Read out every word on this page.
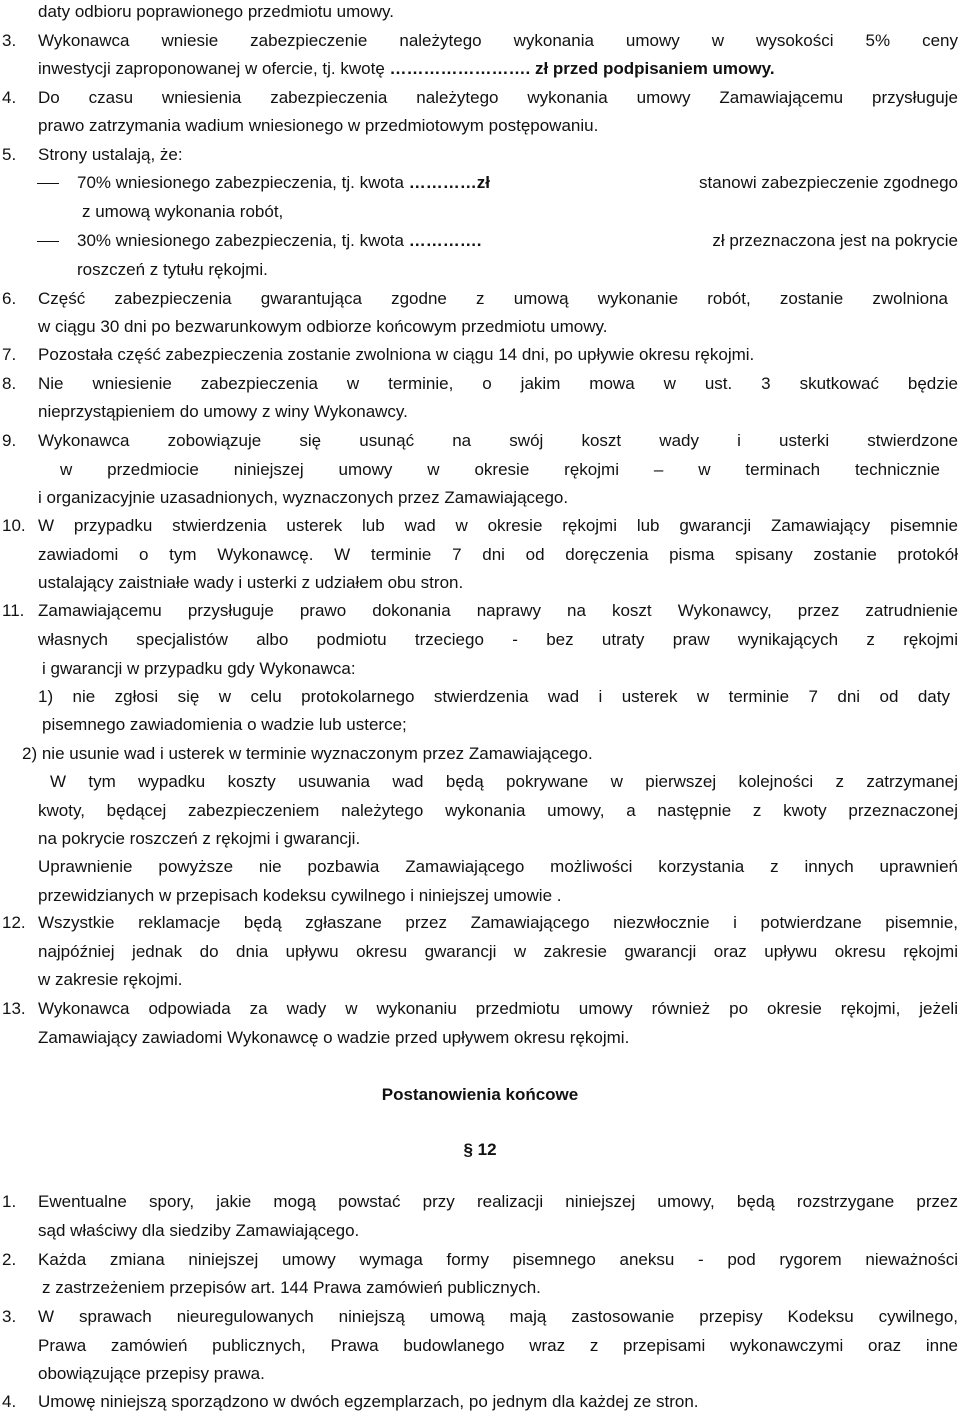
3.
4.
5.
6.
7.
8.
9.
10.
11.
12.
13.
1.
2.
3.
4.
daty odbioru poprawionego przedmiotu umowy.
Wykonawca wniesie zabezpieczenie należytego wykonania umowy w wysokości 5% ceny
inwestycji zaproponowanej w ofercie, tj. kwotę ……………………. zł przed podpisaniem umowy.
Do czasu wniesienia zabezpieczenia należytego wykonania umowy Zamawiającemu przysługuje
prawo zatrzymania wadium wniesionego w przedmiotowym postępowaniu.
Strony ustalają, że:
70% wniesionego zabezpieczenia, tj. kwota …………zł	stanowi zabezpieczenie zgodnego
z umową wykonania robót,
30% wniesionego zabezpieczenia, tj. kwota ………….	zł przeznaczona jest na pokrycie
roszczeń z tytułu rękojmi.
Część zabezpieczenia gwarantująca zgodne z umową wykonanie robót, zostanie zwolniona
w ciągu 30 dni po bezwarunkowym odbiorze końcowym przedmiotu umowy.
Pozostała część zabezpieczenia zostanie zwolniona w ciągu 14 dni, po upływie okresu rękojmi.
Nie wniesienie zabezpieczenia w terminie, o jakim mowa w ust. 3 skutkować będzie
nieprzystąpieniem do umowy z winy Wykonawcy.
Wykonawca zobowiązuje się usunąć na swój koszt wady i usterki stwierdzone
w przedmiocie niniejszej umowy w okresie rękojmi – w terminach technicznie
i organizacyjnie uzasadnionych, wyznaczonych przez Zamawiającego.
W przypadku stwierdzenia usterek lub wad w okresie rękojmi lub gwarancji Zamawiający pisemnie
zawiadomi o tym Wykonawcę. W terminie 7 dni od doręczenia pisma spisany zostanie protokół
ustalający zaistniałe wady i usterki z udziałem obu stron.
Zamawiającemu przysługuje prawo dokonania naprawy na koszt Wykonawcy, przez zatrudnienie
własnych specjalistów albo podmiotu trzeciego - bez utraty praw wynikających z rękojmi
i gwarancji w przypadku gdy Wykonawca:
1) nie zgłosi się w celu protokolarnego stwierdzenia wad i usterek w terminie 7 dni od daty
pisemnego zawiadomienia o wadzie lub usterce;
2) nie usunie wad i usterek w terminie wyznaczonym przez Zamawiającego.
W tym wypadku koszty usuwania wad będą pokrywane w pierwszej kolejności z zatrzymanej
kwoty, będącej zabezpieczeniem należytego wykonania umowy, a następnie z kwoty przeznaczonej
na pokrycie roszczeń z rękojmi i gwarancji.
Uprawnienie powyższe nie pozbawia Zamawiającego możliwości korzystania z innych uprawnień
przewidzianych w przepisach kodeksu cywilnego i niniejszej umowie .
Wszystkie reklamacje będą zgłaszane przez Zamawiającego niezwłocznie i potwierdzane pisemnie,
najpóźniej jednak do dnia upływu okresu gwarancji w zakresie gwarancji oraz upływu okresu rękojmi
w zakresie rękojmi.
Wykonawca odpowiada za wady w wykonaniu przedmiotu umowy również po okresie rękojmi, jeżeli
Zamawiający zawiadomi Wykonawcę o wadzie przed upływem okresu rękojmi.
Postanowienia końcowe
§ 12
Ewentualne spory, jakie mogą powstać przy realizacji niniejszej umowy, będą rozstrzygane przez
sąd właściwy dla siedziby Zamawiającego.
Każda zmiana niniejszej umowy wymaga formy pisemnego aneksu - pod rygorem nieważności
z zastrzeżeniem przepisów art. 144 Prawa zamówień publicznych.
W sprawach nieuregulowanych niniejszą umową mają zastosowanie przepisy Kodeksu cywilnego,
Prawa zamówień publicznych, Prawa budowlanego wraz z przepisami wykonawczymi oraz inne
obowiązujące przepisy prawa.
Umowę niniejszą sporządzono w dwóch egzemplarzach, po jednym dla każdej ze stron.
